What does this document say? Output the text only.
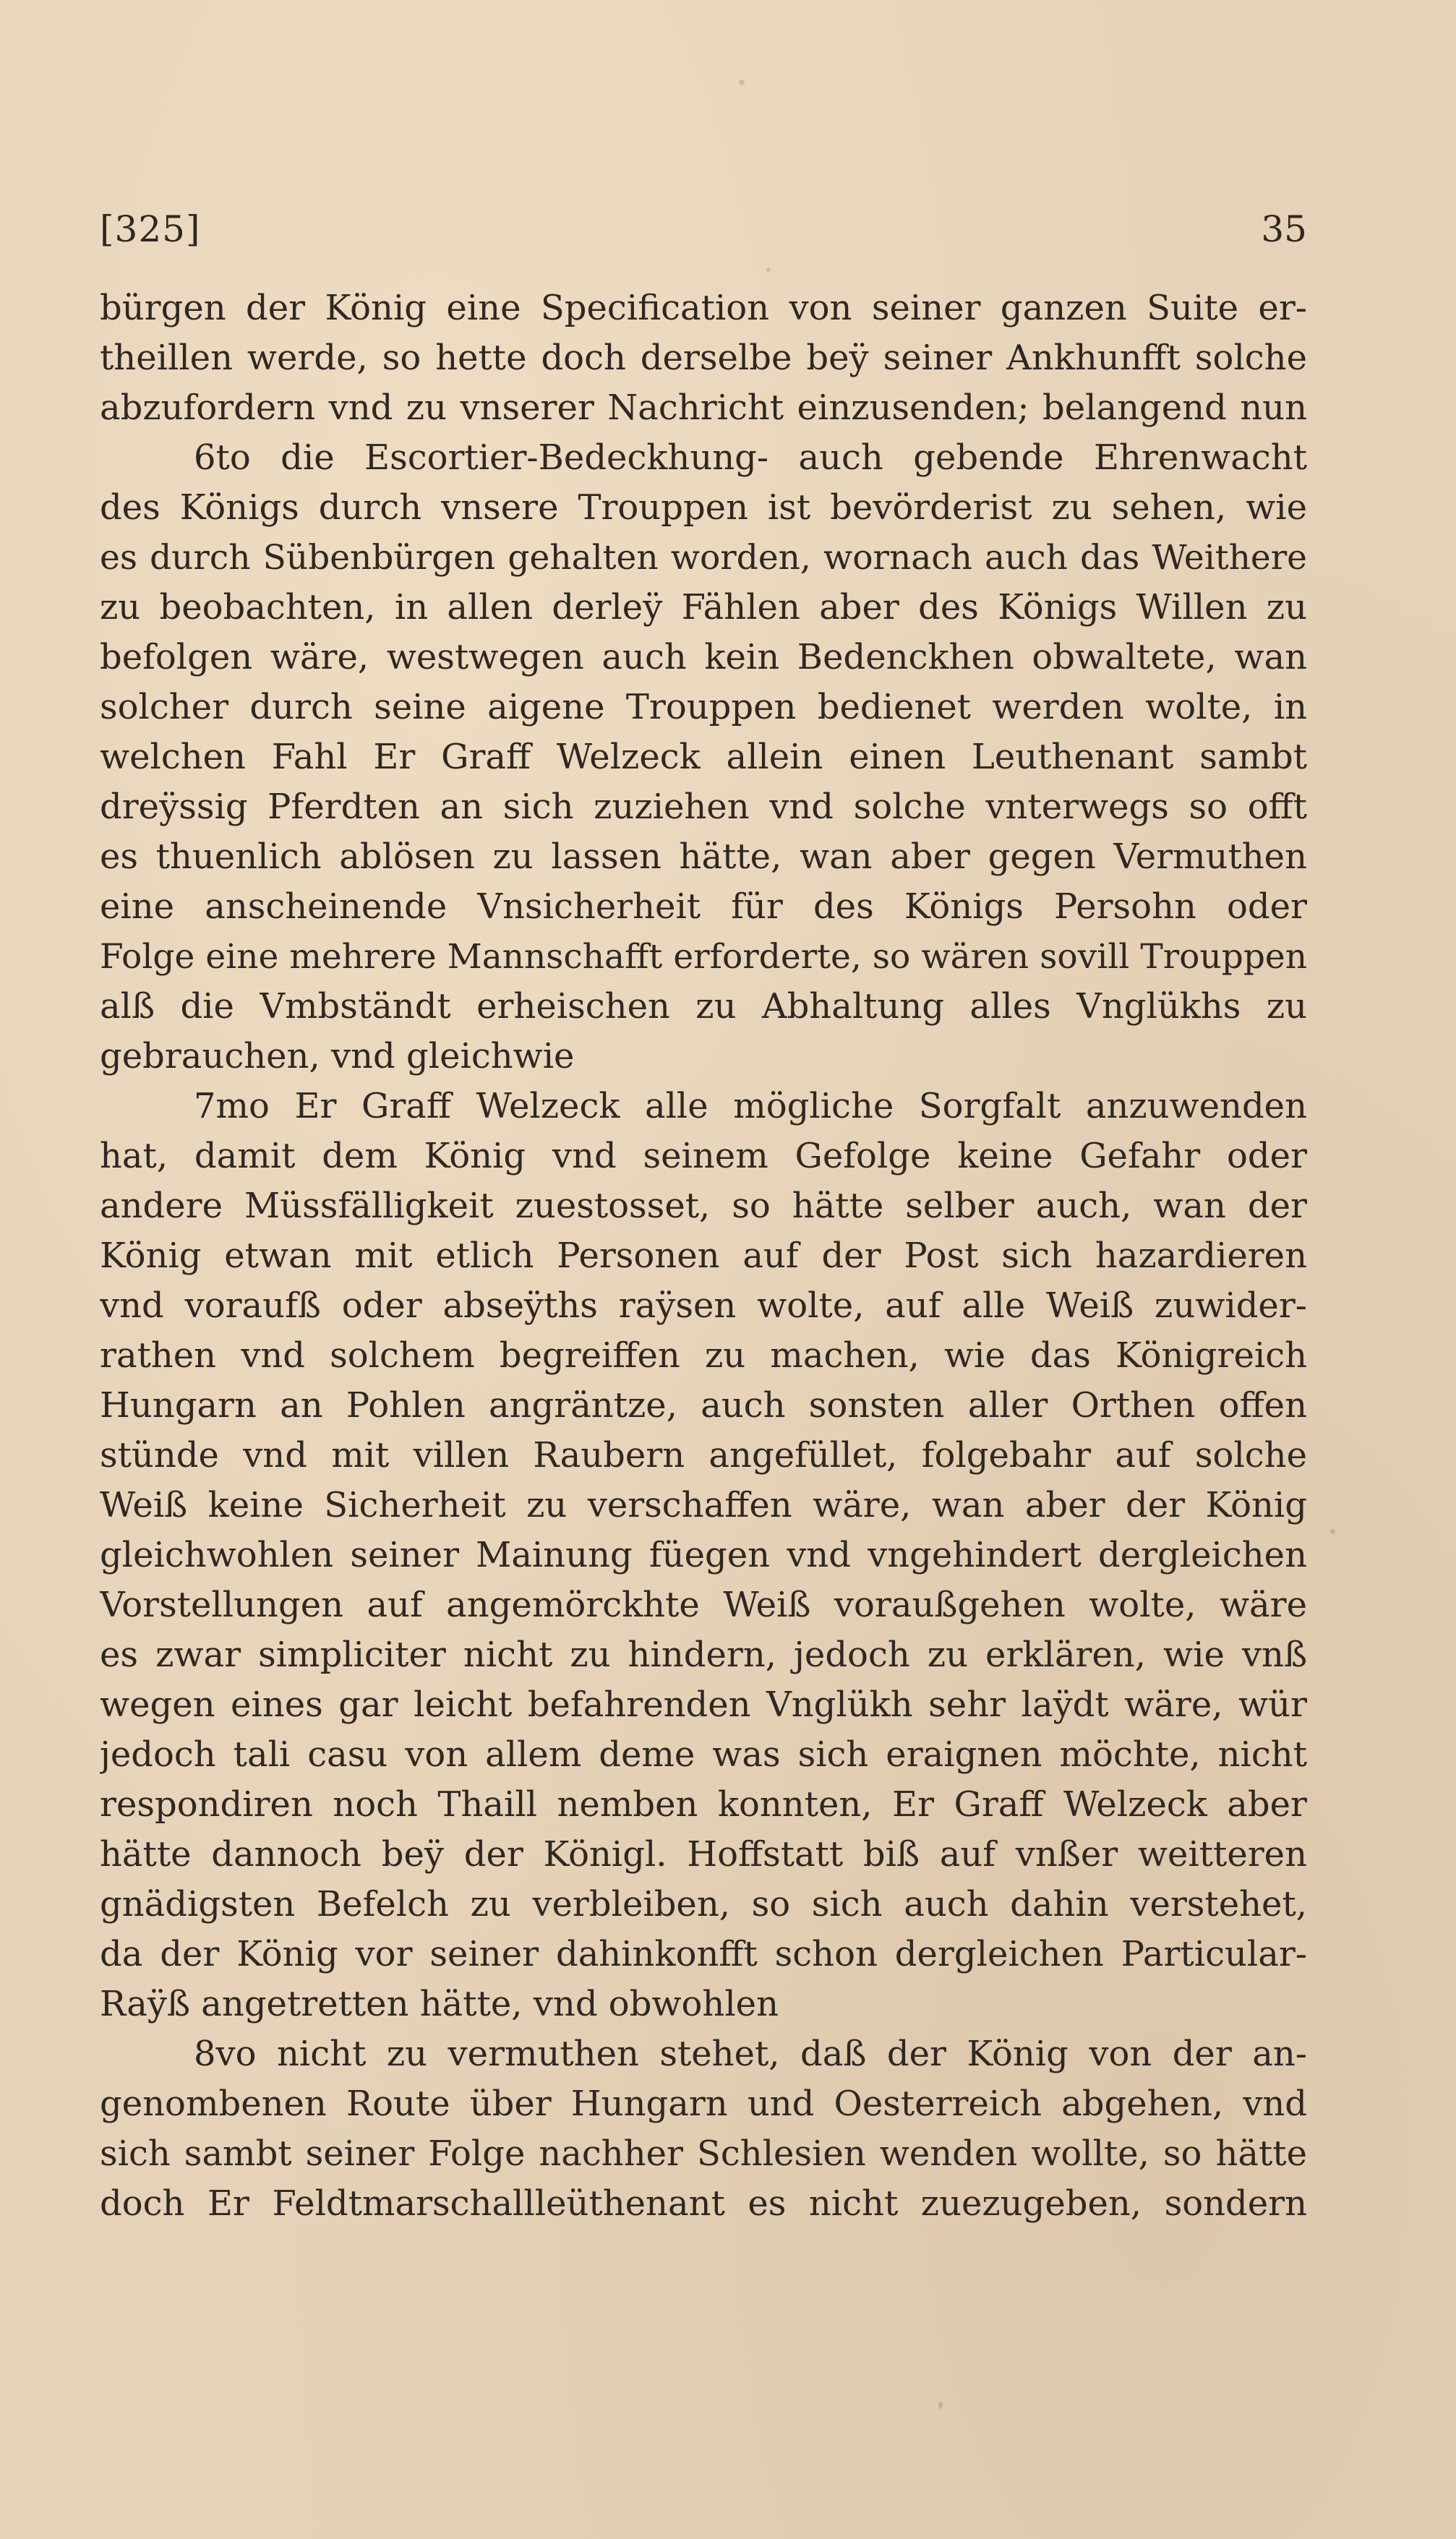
[325]	35
bürgen der König eine Specification von seiner ganzen Suite er-
theillen werde, so hette doch derselbe beÿ seiner Ankhunfft solche
abzufordern vnd zu vnserer Nachricht einzusenden; belangend nun
6to die Escortier-Bedeckhung- auch gebende Ehrenwacht
des Königs durch vnsere Trouppen ist bevörderist zu sehen, wie
es durch Sübenbürgen gehalten worden, wornach auch das Weithere
zu beobachten, in allen derleÿ Fählen aber des Königs Willen zu
befolgen wäre, westwegen auch kein Bedenckhen obwaltete, wan
solcher durch seine aigene Trouppen bedienet werden wolte, in
welchen Fahl Er Graff Welzeck allein einen Leuthenant sambt
dreÿssig Pferdten an sich zuziehen vnd solche vnterwegs so offt
es thuenlich ablösen zu lassen hätte, wan aber gegen Vermuthen
eine anscheinende Vnsicherheit für des Königs Persohn oder
Folge eine mehrere Mannschafft erforderte, so wären sovill Trouppen
alß die Vmbständt erheischen zu Abhaltung alles Vnglükhs zu
gebrauchen, vnd gleichwie
7mo Er Graff Welzeck alle mögliche Sorgfalt anzuwenden
hat, damit dem König vnd seinem Gefolge keine Gefahr oder
andere Müssfälligkeit zuestosset, so hätte selber auch, wan der
König etwan mit etlich Personen auf der Post sich hazardieren
vnd voraufß oder abseÿths raÿsen wolte, auf alle Weiß zuwider-
rathen vnd solchem begreiffen zu machen, wie das Königreich
Hungarn an Pohlen angräntze, auch sonsten aller Orthen offen
stünde vnd mit villen Raubern angefüllet, folgebahr auf solche
Weiß keine Sicherheit zu verschaffen wäre, wan aber der König
gleichwohlen seiner Mainung füegen vnd vngehindert dergleichen
Vorstellungen auf angemörckhte Weiß voraußgehen wolte, wäre
es zwar simpliciter nicht zu hindern, jedoch zu erklären, wie vnß
wegen eines gar leicht befahrenden Vnglükh sehr laÿdt wäre, wür
jedoch tali casu von allem deme was sich eraignen möchte, nicht
respondiren noch Thaill nemben konnten, Er Graff Welzeck aber
hätte dannoch beÿ der Königl. Hoffstatt biß auf vnßer weitteren
gnädigsten Befelch zu verbleiben, so sich auch dahin verstehet,
da der König vor seiner dahinkonfft schon dergleichen Particular-
Raÿß angetretten hätte, vnd obwohlen
8vo nicht zu vermuthen stehet, daß der König von der an-
genombenen Route über Hungarn und Oesterreich abgehen, vnd
sich sambt seiner Folge nachher Schlesien wenden wollte, so hätte
doch Er Feldtmarschallleüthenant es nicht zuezugeben, sondern
